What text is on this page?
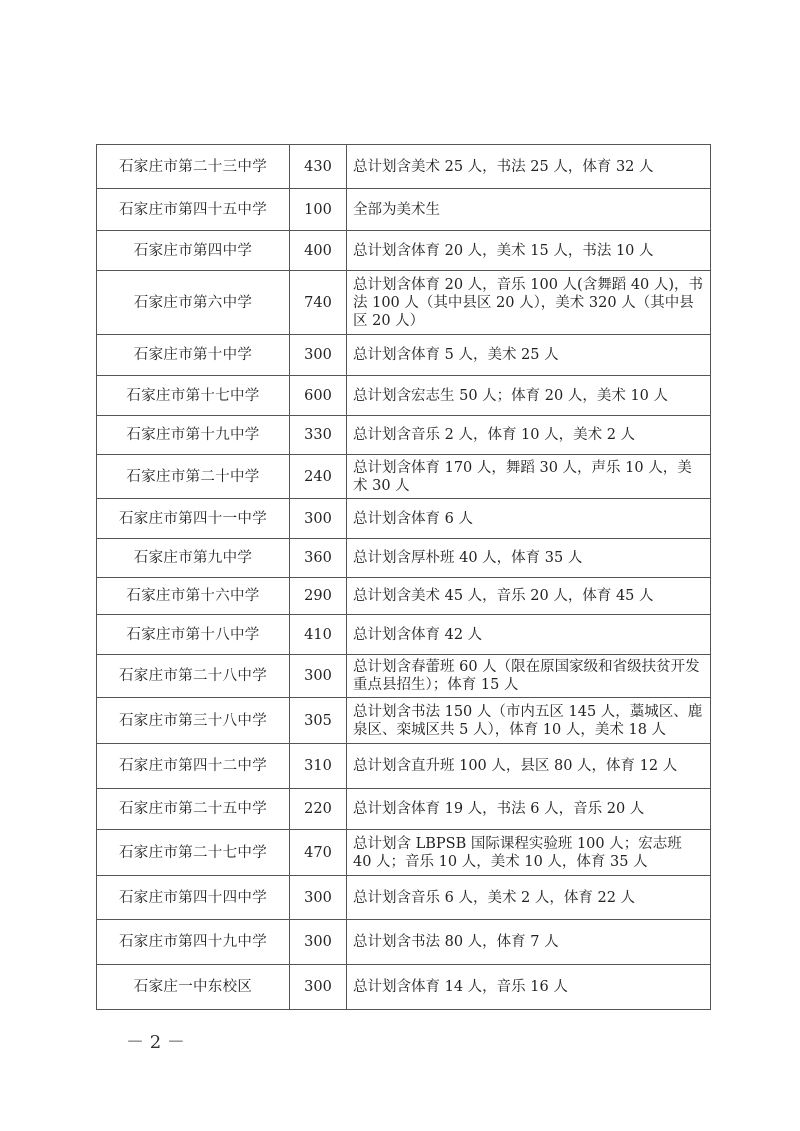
石家庄市第二十三中学	430	总计划含美术 25 人，书法 25 人，体育 32 人
石家庄市第四十五中学	100	全部为美术生
石家庄市第四中学	400	总计划含体育 20 人，美术 15 人，书法 10 人
石家庄市第六中学	740	总计划含体育 20 人，音乐 100 人(含舞蹈 40 人)，书法 100 人（其中县区 20 人），美术 320 人（其中县区 20 人）
石家庄市第十中学	300	总计划含体育 5 人，美术 25 人
石家庄市第十七中学	600	总计划含宏志生 50 人；体育 20 人，美术 10 人
石家庄市第十九中学	330	总计划含音乐 2 人，体育 10 人，美术 2 人
石家庄市第二十中学	240	总计划含体育 170 人，舞蹈 30 人，声乐 10 人，美术 30 人
石家庄市第四十一中学	300	总计划含体育 6 人
石家庄市第九中学	360	总计划含厚朴班 40 人，体育 35 人
石家庄市第十六中学	290	总计划含美术 45 人，音乐 20 人，体育 45 人
石家庄市第十八中学	410	总计划含体育 42 人
石家庄市第二十八中学	300	总计划含春蕾班 60 人（限在原国家级和省级扶贫开发重点县招生）；体育 15 人
石家庄市第三十八中学	305	总计划含书法 150 人（市内五区 145 人，藁城区、鹿泉区、栾城区共 5 人），体育 10 人，美术 18 人
石家庄市第四十二中学	310	总计划含直升班 100 人，县区 80 人，体育 12 人
石家庄市第二十五中学	220	总计划含体育 19 人，书法 6 人，音乐 20 人
石家庄市第二十七中学	470	总计划含 LBPSB 国际课程实验班 100 人；宏志班 40 人；音乐 10 人，美术 10 人，体育 35 人
石家庄市第四十四中学	300	总计划含音乐 6 人，美术 2 人，体育 22 人
石家庄市第四十九中学	300	总计划含书法 80 人，体育 7 人
石家庄一中东校区	300	总计划含体育 14 人，音乐 16 人
－ 2 －
